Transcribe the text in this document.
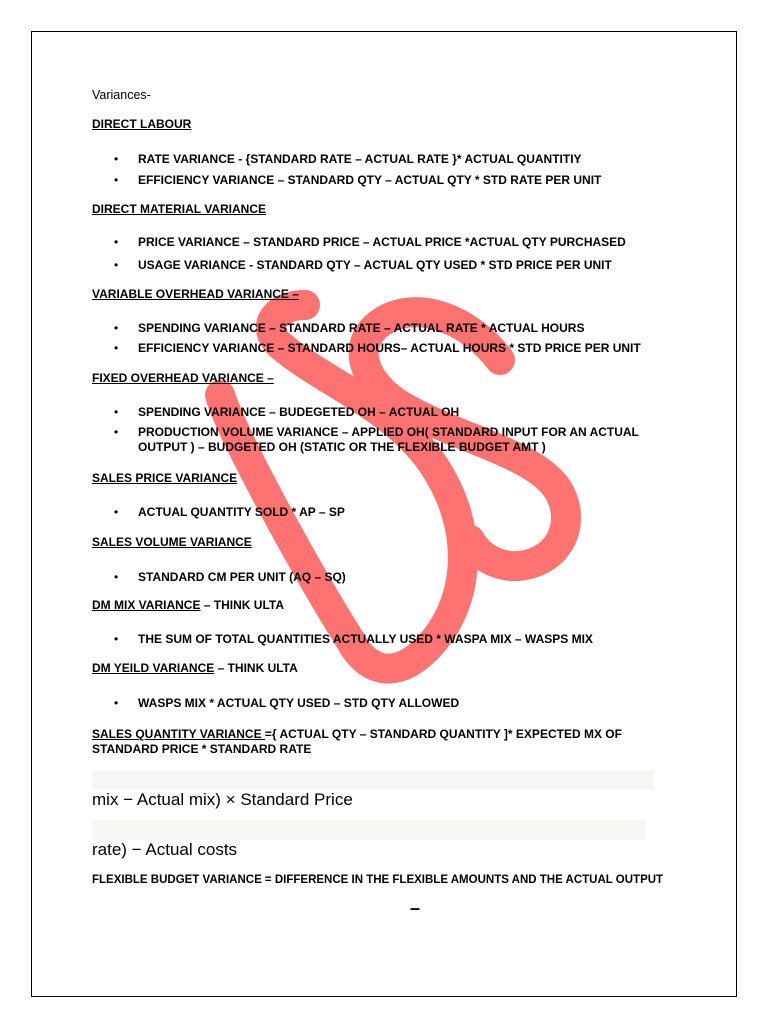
Variances-
DIRECT LABOUR
• RATE VARIANCE - {STANDARD RATE – ACTUAL RATE }* ACTUAL QUANTITIY
• EFFICIENCY VARIANCE – STANDARD QTY – ACTUAL QTY * STD RATE PER UNIT
DIRECT MATERIAL VARIANCE
• PRICE VARIANCE – STANDARD PRICE – ACTUAL PRICE *ACTUAL QTY PURCHASED
• USAGE VARIANCE - STANDARD QTY – ACTUAL QTY USED * STD PRICE PER UNIT
VARIABLE OVERHEAD VARIANCE –
• SPENDING VARIANCE – STANDARD RATE – ACTUAL RATE * ACTUAL HOURS
• EFFICIENCY VARIANCE – STANDARD HOURS– ACTUAL HOURS * STD PRICE PER UNIT
FIXED OVERHEAD VARIANCE –
• SPENDING VARIANCE – BUDEGETED OH – ACTUAL OH
•	PRODUCTION VOLUME VARIANCE – APPLIED OH( STANDARD INPUT FOR AN ACTUAL OUTPUT ) – BUDGETED OH (STATIC OR THE FLEXIBLE BUDGET AMT )
SALES PRICE VARIANCE
• ACTUAL QUANTITY SOLD * AP – SP
SALES VOLUME VARIANCE
• STANDARD CM PER UNIT (AQ – SQ)
DM MIX VARIANCE – THINK ULTA
• THE SUM OF TOTAL QUANTITIES ACTUALLY USED * WASPA MIX – WASPS MIX
DM YEILD VARIANCE – THINK ULTA
• WASPS MIX * ACTUAL QTY USED – STD QTY ALLOWED
SALES QUANTITY VARIANCE ={ ACTUAL QTY – STANDARD QUANTITY ]* EXPECTED MX OF STANDARD PRICE * STANDARD RATE
mix − Actual mix) × Standard Price
rate) − Actual costs
FLEXIBLE BUDGET VARIANCE = DIFFERENCE IN THE FLEXIBLE AMOUNTS AND THE ACTUAL OUTPUT
–
